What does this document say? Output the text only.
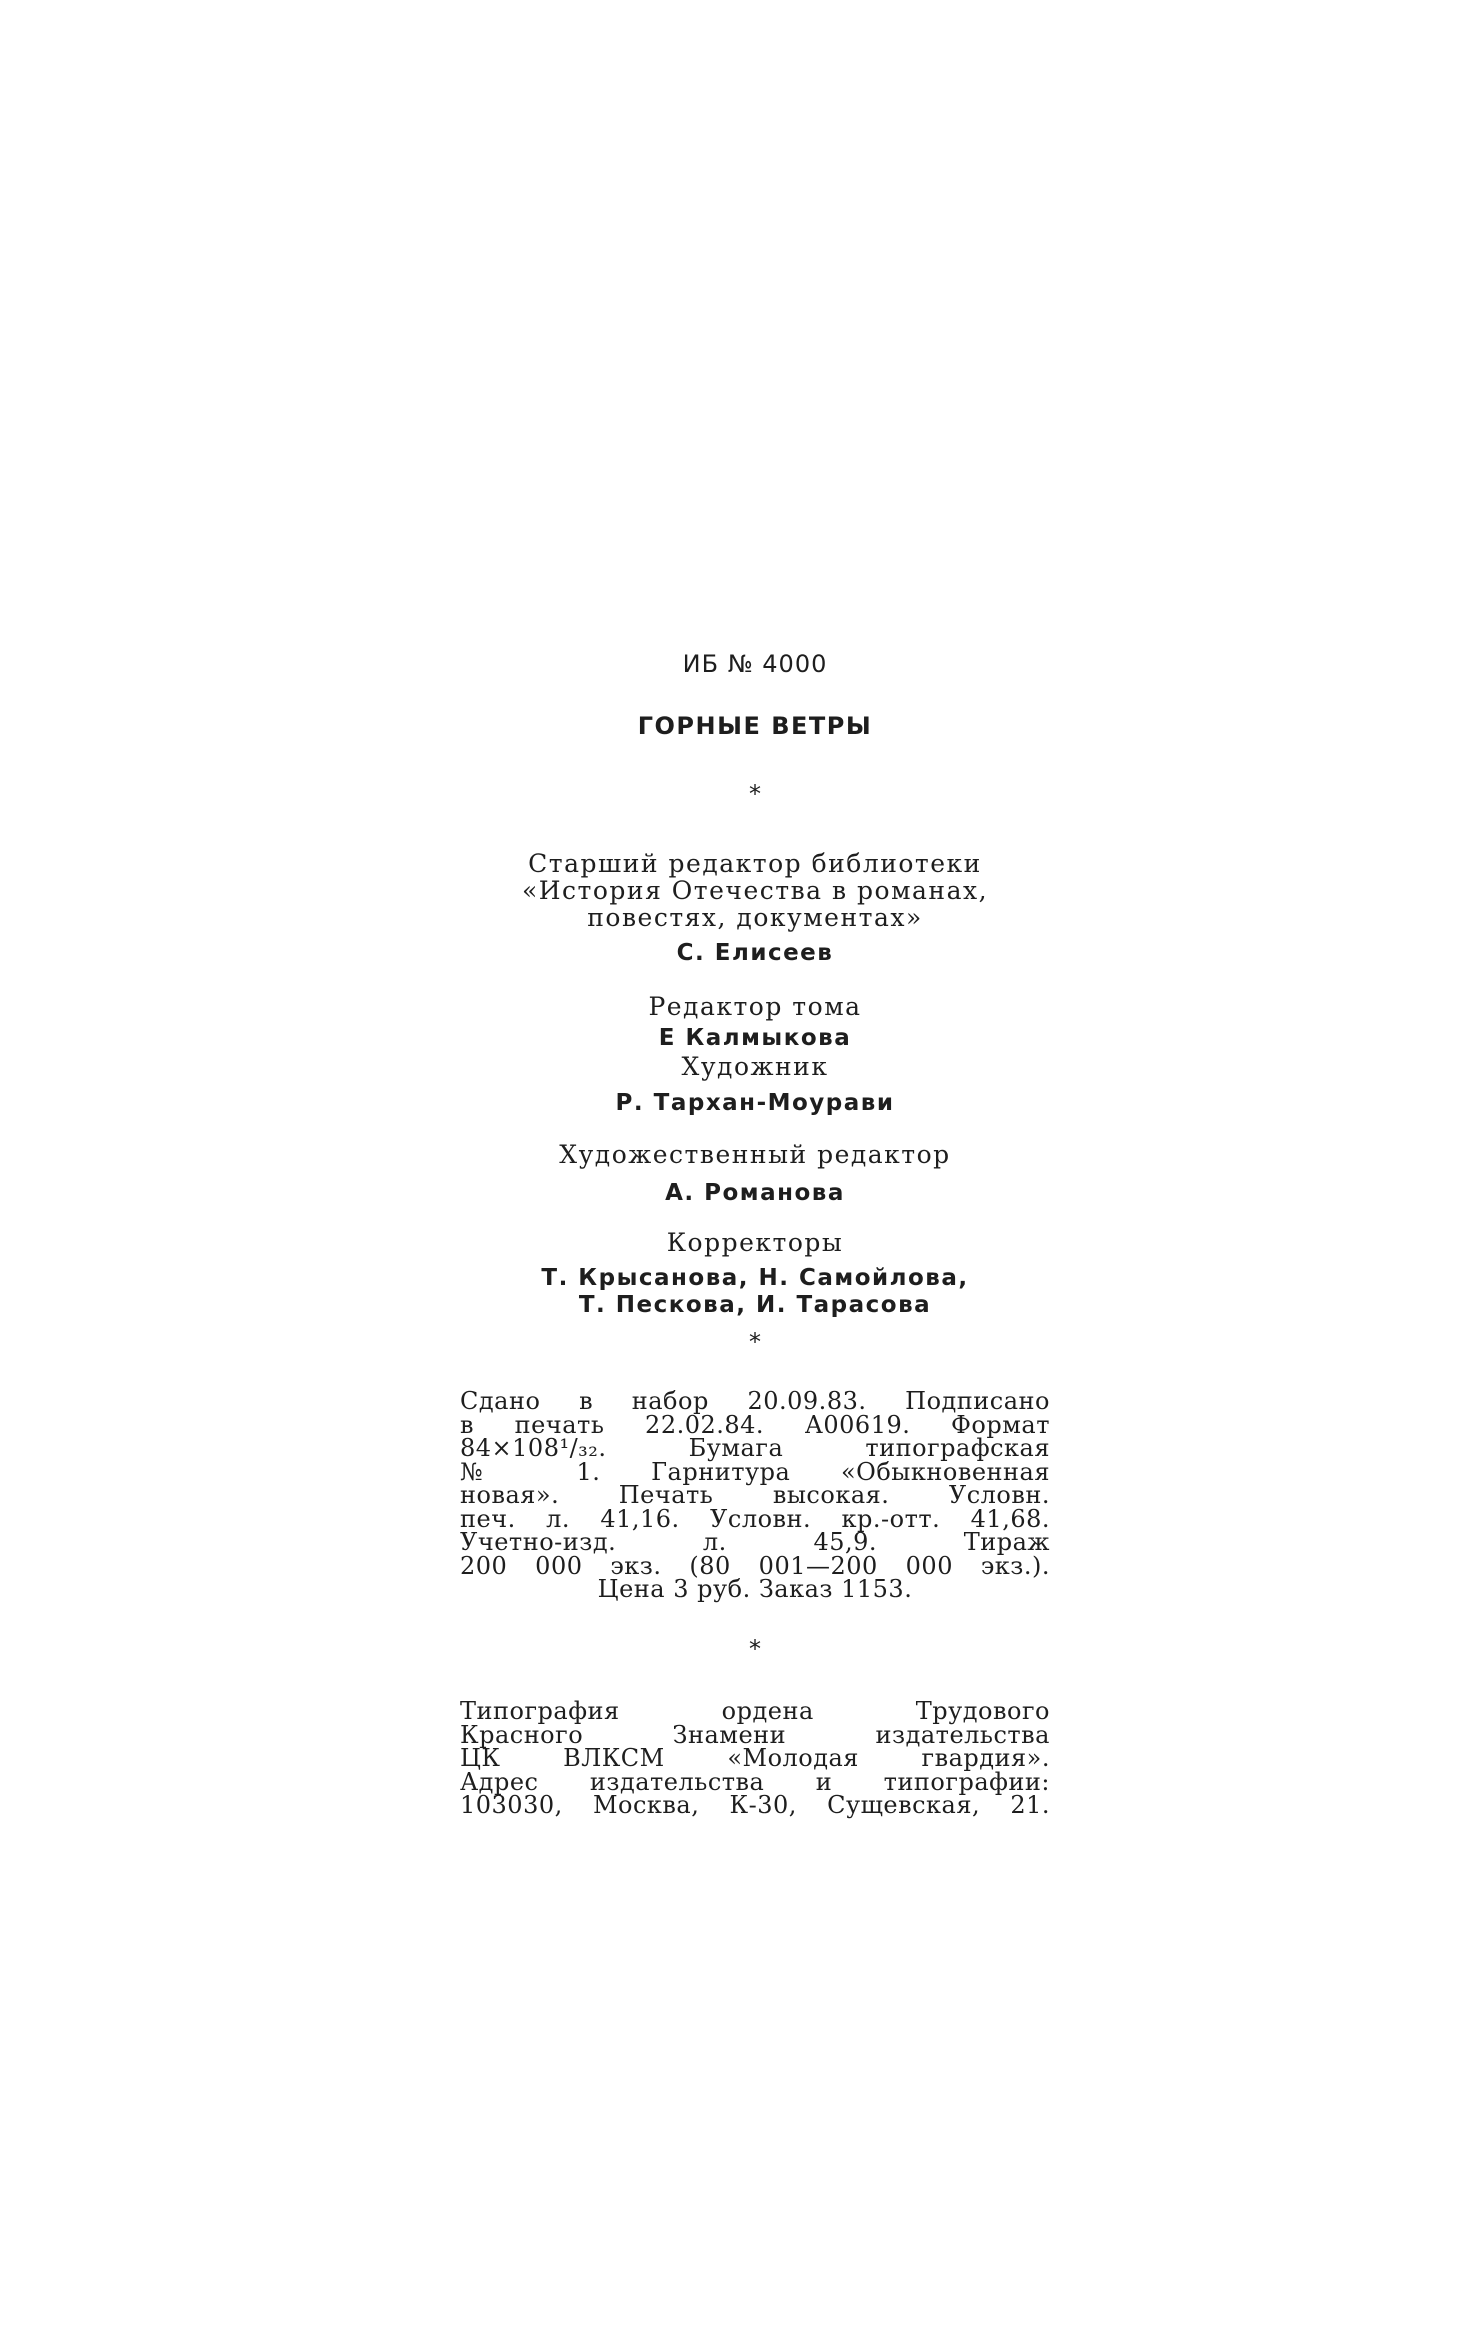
ИБ № 4000
ГОРНЫЕ ВЕТРЫ
*
Старший редактор библиотеки
«История Отечества в романах,
повестях, документах»
С. Елисеев
Редактор тома
Е Калмыкова
Художник
Р. Тархан-Моурави
Художественный редактор
А. Романова
Корректоры
Т. Крысанова, Н. Самойлова,
Т. Пескова, И. Тарасова
*
Сдано в набор 20.09.83. Подписано
в печать 22.02.84. А00619. Формат
84×108¹/₃₂. Бумага типографская
№ 1. Гарнитура «Обыкновенная
новая». Печать высокая. Условн.
печ. л. 41,16. Условн. кр.-отт. 41,68.
Учетно-изд. л. 45,9. Тираж
200 000 экз. (80 001—200 000 экз.).
Цена 3 руб. Заказ 1153.
*
Типография ордена Трудового
Красного Знамени издательства
ЦК ВЛКСМ «Молодая гвардия».
Адрес издательства и типографии:
103030, Москва, К-30, Сущевская, 21.
